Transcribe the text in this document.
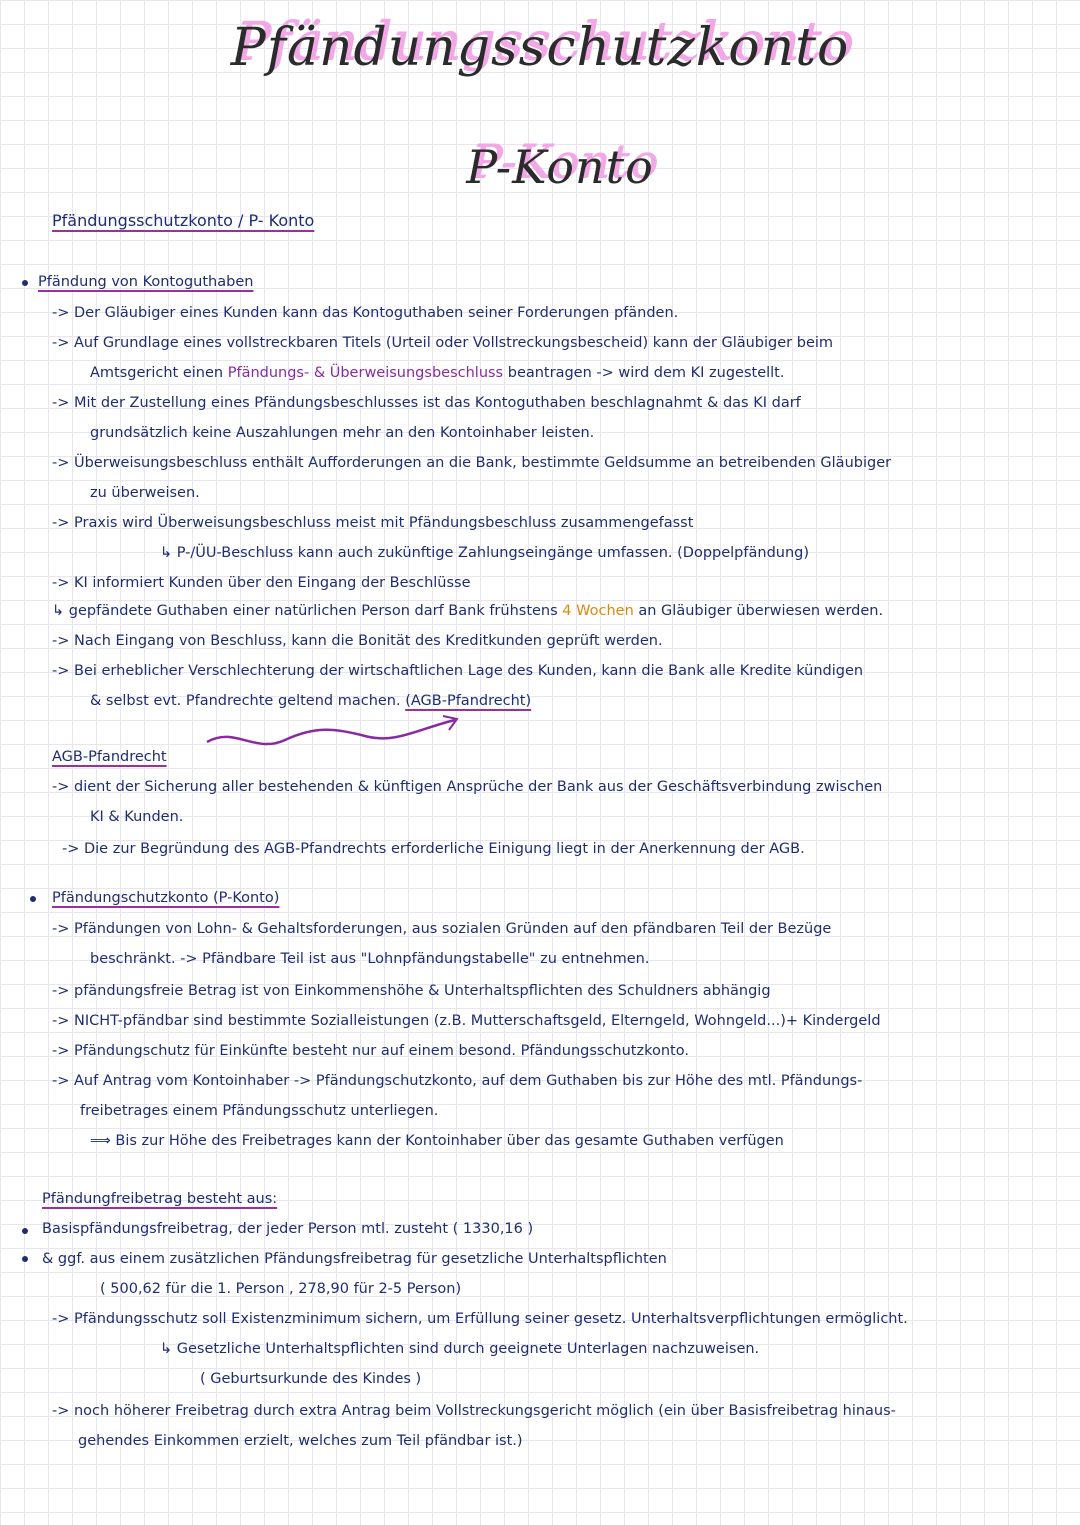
Pfändungsschutzkonto
P-Konto
Pfändungsschutzkonto / P- Konto
Pfändung von Kontoguthaben
-> Der Gläubiger eines Kunden kann das Kontoguthaben seiner Forderungen pfänden.
-> Auf Grundlage eines vollstreckbaren Titels (Urteil oder Vollstreckungsbescheid) kann der Gläubiger beim
Amtsgericht einen Pfändungs- & Überweisungsbeschluss beantragen -> wird dem KI zugestellt.
-> Mit der Zustellung eines Pfändungsbeschlusses ist das Kontoguthaben beschlagnahmt & das KI darf
grundsätzlich keine Auszahlungen mehr an den Kontoinhaber leisten.
-> Überweisungsbeschluss enthält Aufforderungen an die Bank, bestimmte Geldsumme an betreibenden Gläubiger
zu überweisen.
-> Praxis wird Überweisungsbeschluss meist mit Pfändungsbeschluss zusammengefasst
↳ P-/ÜU-Beschluss kann auch zukünftige Zahlungseingänge umfassen. (Doppelpfändung)
-> KI informiert Kunden über den Eingang der Beschlüsse
↳ gepfändete Guthaben einer natürlichen Person darf Bank frühstens 4 Wochen an Gläubiger überwiesen werden.
-> Nach Eingang von Beschluss, kann die Bonität des Kreditkunden geprüft werden.
-> Bei erheblicher Verschlechterung der wirtschaftlichen Lage des Kunden, kann die Bank alle Kredite kündigen
& selbst evt. Pfandrechte geltend machen. (AGB-Pfandrecht)
AGB-Pfandrecht
-> dient der Sicherung aller bestehenden & künftigen Ansprüche der Bank aus der Geschäftsverbindung zwischen
KI & Kunden.
-> Die zur Begründung des AGB-Pfandrechts erforderliche Einigung liegt in der Anerkennung der AGB.
Pfändungschutzkonto (P-Konto)
-> Pfändungen von Lohn- & Gehaltsforderungen, aus sozialen Gründen auf den pfändbaren Teil der Bezüge
beschränkt. -> Pfändbare Teil ist aus "Lohnpfändungstabelle" zu entnehmen.
-> pfändungsfreie Betrag ist von Einkommenshöhe & Unterhaltspflichten des Schuldners abhängig
-> NICHT-pfändbar sind bestimmte Sozialleistungen (z.B. Mutterschaftsgeld, Elterngeld, Wohngeld...)+ Kindergeld
-> Pfändungschutz für Einkünfte besteht nur auf einem besond. Pfändungsschutzkonto.
-> Auf Antrag vom Kontoinhaber -> Pfändungschutzkonto, auf dem Guthaben bis zur Höhe des mtl. Pfändungs-
freibetrages einem Pfändungsschutz unterliegen.
⟹ Bis zur Höhe des Freibetrages kann der Kontoinhaber über das gesamte Guthaben verfügen
Pfändungfreibetrag besteht aus:
Basispfändungsfreibetrag, der jeder Person mtl. zusteht ( 1330,16 )
& ggf. aus einem zusätzlichen Pfändungsfreibetrag für gesetzliche Unterhaltspflichten
( 500,62 für die 1. Person , 278,90 für 2-5 Person)
-> Pfändungsschutz soll Existenzminimum sichern, um Erfüllung seiner gesetz. Unterhaltsverpflichtungen ermöglicht.
↳ Gesetzliche Unterhaltspflichten sind durch geeignete Unterlagen nachzuweisen.
( Geburtsurkunde des Kindes )
-> noch höherer Freibetrag durch extra Antrag beim Vollstreckungsgericht möglich (ein über Basisfreibetrag hinaus-
gehendes Einkommen erzielt, welches zum Teil pfändbar ist.)
